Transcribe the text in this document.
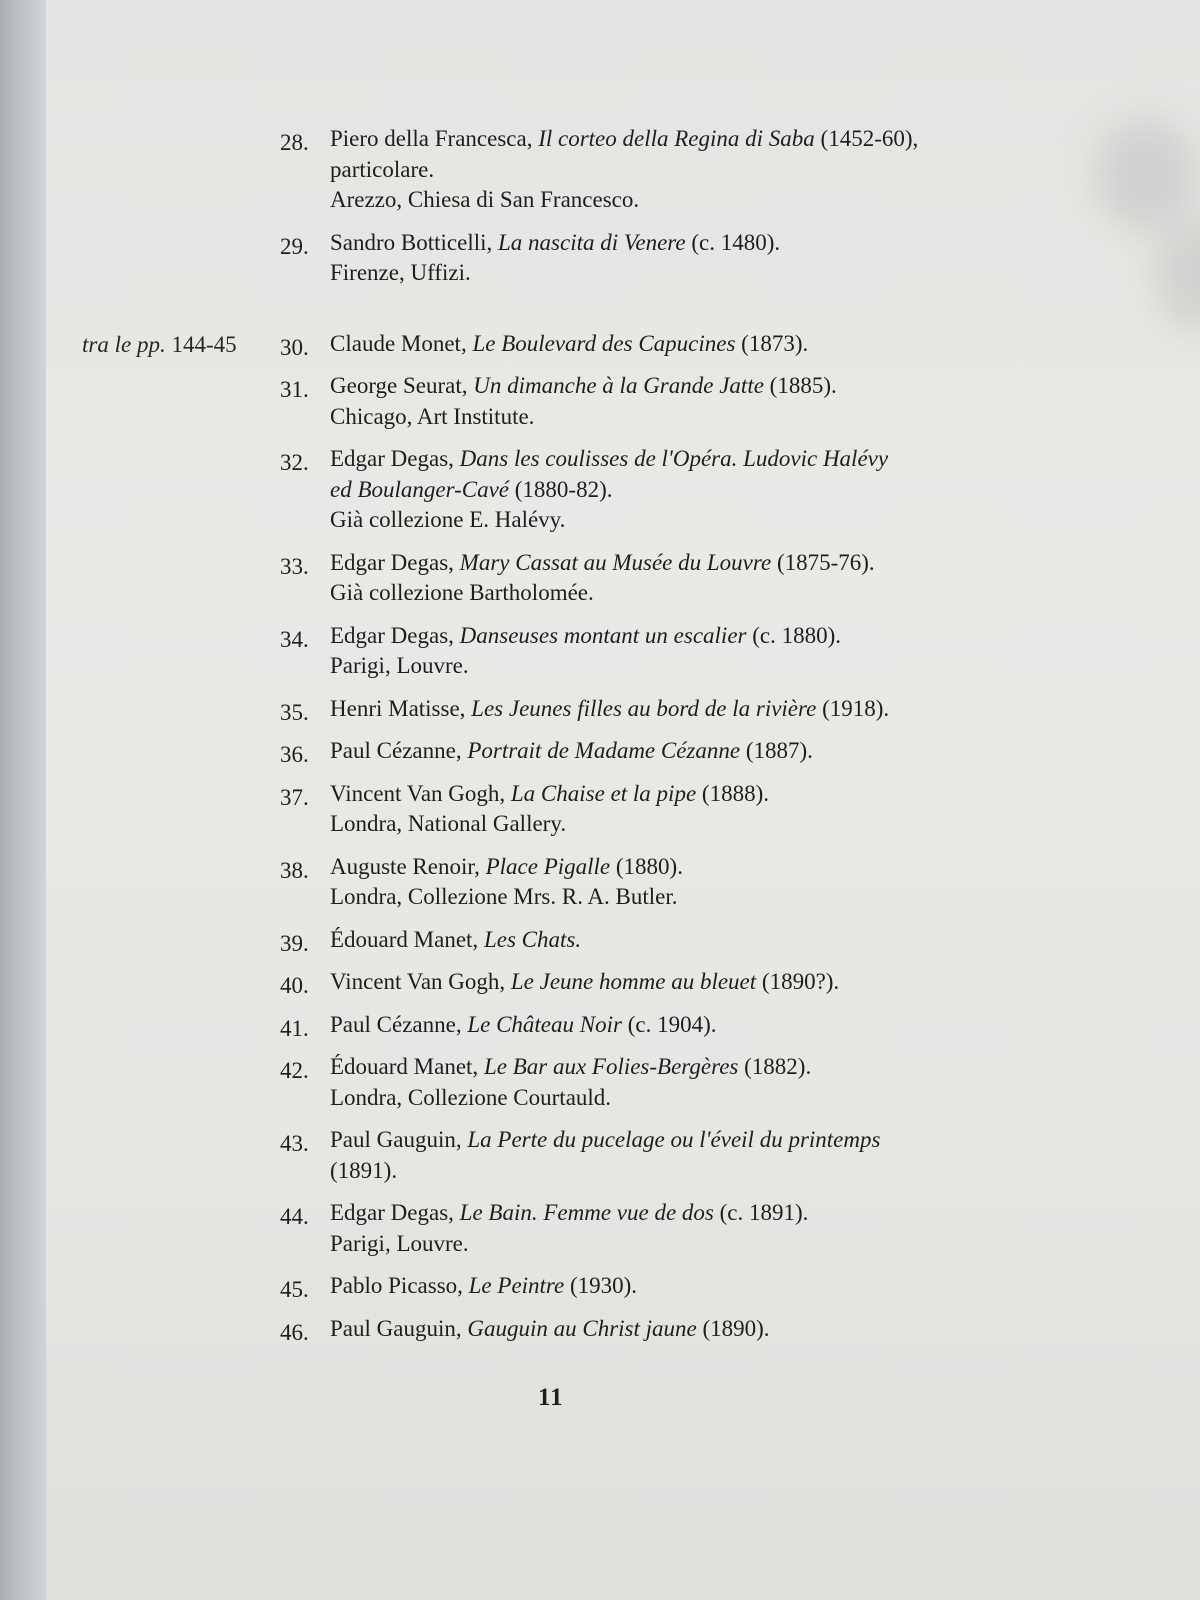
tra le pp. 144-45
28. Piero della Francesca, Il corteo della Regina di Saba (1452-60),
particolare.
Arezzo, Chiesa di San Francesco.
29. Sandro Botticelli, La nascita di Venere (c. 1480).
Firenze, Uffizi.
30. Claude Monet, Le Boulevard des Capucines (1873).
31. George Seurat, Un dimanche à la Grande Jatte (1885).
Chicago, Art Institute.
32. Edgar Degas, Dans les coulisses de l'Opéra. Ludovic Halévy
ed Boulanger-Cavé (1880-82).
Già collezione E. Halévy.
33. Edgar Degas, Mary Cassat au Musée du Louvre (1875-76).
Già collezione Bartholomée.
34. Edgar Degas, Danseuses montant un escalier (c. 1880).
Parigi, Louvre.
35. Henri Matisse, Les Jeunes filles au bord de la rivière (1918).
36. Paul Cézanne, Portrait de Madame Cézanne (1887).
37. Vincent Van Gogh, La Chaise et la pipe (1888).
Londra, National Gallery.
38. Auguste Renoir, Place Pigalle (1880).
Londra, Collezione Mrs. R. A. Butler.
39. Édouard Manet, Les Chats.
40. Vincent Van Gogh, Le Jeune homme au bleuet (1890?).
41. Paul Cézanne, Le Château Noir (c. 1904).
42. Édouard Manet, Le Bar aux Folies-Bergères (1882).
Londra, Collezione Courtauld.
43. Paul Gauguin, La Perte du pucelage ou l'éveil du printemps
(1891).
44. Edgar Degas, Le Bain. Femme vue de dos (c. 1891).
Parigi, Louvre.
45. Pablo Picasso, Le Peintre (1930).
46. Paul Gauguin, Gauguin au Christ jaune (1890).
11
